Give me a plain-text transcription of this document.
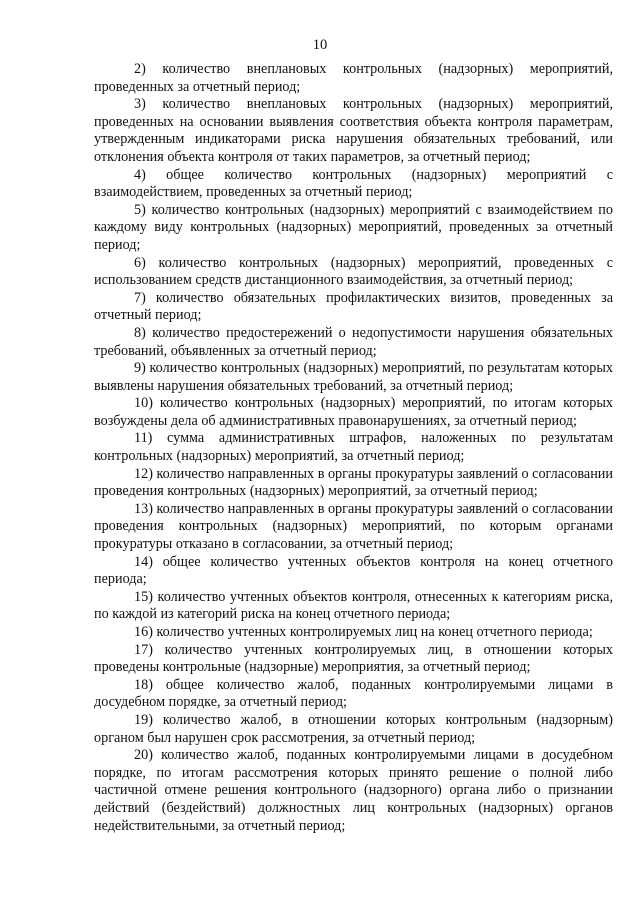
10

2) количество внеплановых контрольных (надзорных) мероприятий, проведенных за отчетный период;

3) количество внеплановых контрольных (надзорных) мероприятий, проведенных на основании выявления соответствия объекта контроля параметрам, утвержденным индикаторами риска нарушения обязательных требований, или отклонения объекта контроля от таких параметров, за отчетный период;

4) общее количество контрольных (надзорных) мероприятий с взаимодействием, проведенных за отчетный период;

5) количество контрольных (надзорных) мероприятий с взаимодействием по каждому виду контрольных (надзорных) мероприятий, проведенных за отчетный период;

6) количество контрольных (надзорных) мероприятий, проведенных с использованием средств дистанционного взаимодействия, за отчетный период;

7) количество обязательных профилактических визитов, проведенных за отчетный период;

8) количество предостережений о недопустимости нарушения обязательных требований, объявленных за отчетный период;

9) количество контрольных (надзорных) мероприятий, по результатам которых выявлены нарушения обязательных требований, за отчетный период;

10) количество контрольных (надзорных) мероприятий, по итогам которых возбуждены дела об административных правонарушениях, за отчетный период;

11) сумма административных штрафов, наложенных по результатам контрольных (надзорных) мероприятий, за отчетный период;

12) количество направленных в органы прокуратуры заявлений о согласовании проведения контрольных (надзорных) мероприятий, за отчетный период;

13) количество направленных в органы прокуратуры заявлений о согласовании проведения контрольных (надзорных) мероприятий, по которым органами прокуратуры отказано в согласовании, за отчетный период;

14) общее количество учтенных объектов контроля на конец отчетного периода;

15) количество учтенных объектов контроля, отнесенных к категориям риска, по каждой из категорий риска на конец отчетного периода;

16) количество учтенных контролируемых лиц на конец отчетного периода;

17) количество учтенных контролируемых лиц, в отношении которых проведены контрольные (надзорные) мероприятия, за отчетный период;

18) общее количество жалоб, поданных контролируемыми лицами в досудебном порядке, за отчетный период;

19) количество жалоб, в отношении которых контрольным (надзорным) органом был нарушен срок рассмотрения, за отчетный период;

20) количество жалоб, поданных контролируемыми лицами в досудебном порядке, по итогам рассмотрения которых принято решение о полной либо частичной отмене решения контрольного (надзорного) органа либо о признании действий (бездействий) должностных лиц контрольных (надзорных) органов недействительными, за отчетный период;
